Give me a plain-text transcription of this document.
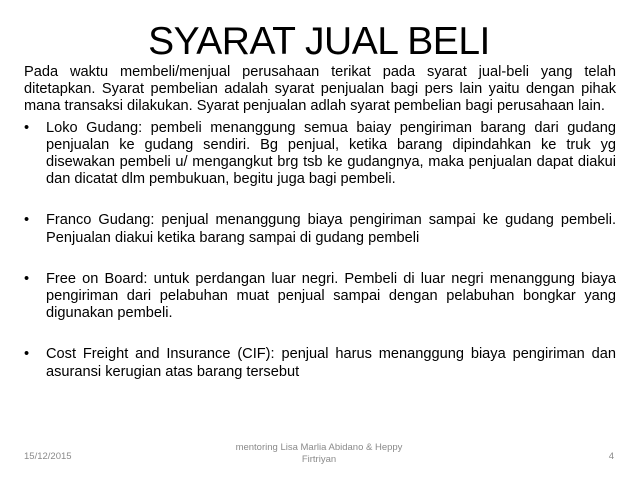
SYARAT JUAL BELI

Pada waktu membeli/menjual perusahaan terikat pada syarat jual-beli yang telah ditetapkan. Syarat pembelian adalah syarat penjualan bagi pers lain yaitu dengan pihak mana transaksi dilakukan. Syarat penjualan adlah syarat pembelian bagi perusahaan lain.

•	Loko Gudang: pembeli menanggung semua baiay pengiriman barang dari gudang penjualan ke gudang sendiri. Bg penjual, ketika barang dipindahkan ke truk yg disewakan pembeli u/ mengangkut brg tsb ke gudangnya, maka penjualan dapat diakui dan dicatat dlm pembukuan, begitu juga bagi pembeli.
•	Franco Gudang: penjual menanggung biaya pengiriman sampai ke gudang pembeli. Penjualan diakui ketika barang sampai di gudang pembeli
•	Free on Board: untuk perdangan luar negri. Pembeli di luar negri menanggung biaya pengiriman dari pelabuhan muat penjual sampai dengan pelabuhan bongkar yang digunakan pembeli.
•	Cost Freight and Insurance (CIF): penjual harus menanggung biaya pengiriman dan asuransi kerugian atas barang tersebut
15/12/2015
mentoring Lisa Marlia Abidano & Heppy
Firtriyan	4
